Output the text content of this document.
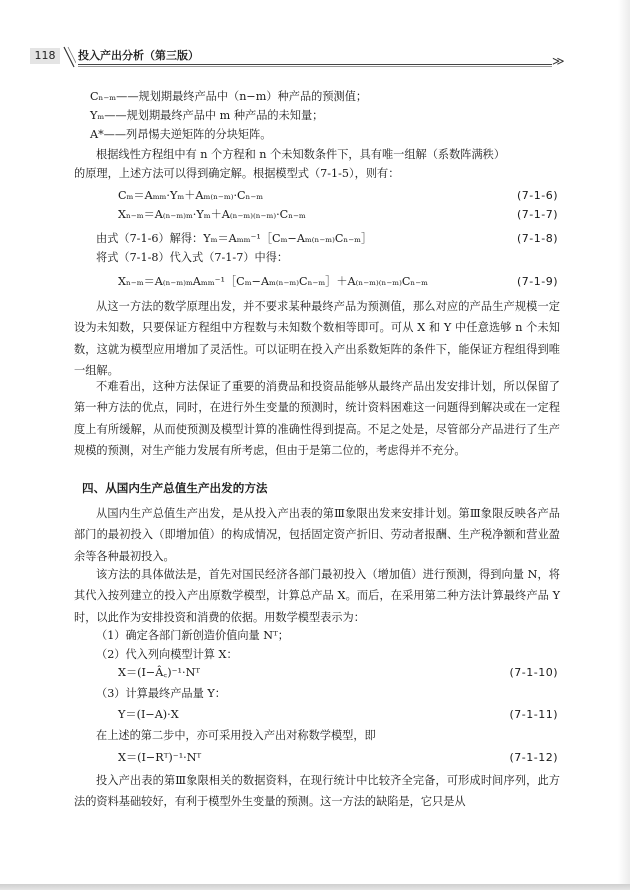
118	投入产出分析（第三版）	≫
Cₙ₋ₘ——规划期最终产品中（n−m）种产品的预测值；
Yₘ——规划期最终产品中 m 种产品的未知量；
A*——列昂惕夫逆矩阵的分块矩阵。
根据线性方程组中有 n 个方程和 n 个未知数条件下，具有唯一组解（系数阵满秩）
的原理，上述方法可以得到确定解。根据模型式（7-1-5），则有：
Cₘ＝Aₘₘ·Yₘ＋Aₘ₍ₙ₋ₘ₎·Cₙ₋ₘ	(7-1-6)
Xₙ₋ₘ＝A₍ₙ₋ₘ₎ₘ·Yₘ＋A₍ₙ₋ₘ₎₍ₙ₋ₘ₎·Cₙ₋ₘ	(7-1-7)
由式（7-1-6）解得：Yₘ＝Aₘₘ⁻¹［Cₘ−Aₘ₍ₙ₋ₘ₎Cₙ₋ₘ］	(7-1-8)
将式（7-1-8）代入式（7-1-7）中得：
Xₙ₋ₘ＝A₍ₙ₋ₘ₎ₘAₘₘ⁻¹［Cₘ−Aₘ₍ₙ₋ₘ₎Cₙ₋ₘ］＋A₍ₙ₋ₘ₎₍ₙ₋ₘ₎Cₙ₋ₘ	(7-1-9)

从这一方法的数学原理出发，并不要求某种最终产品为预测值，那么对应的产品生产规模一定设为未知数，只要保证方程组中方程数与未知数个数相等即可。可从 X 和 Y 中任意选够 n 个未知数，这就为模型应用增加了灵活性。可以证明在投入产出系数矩阵的条件下，能保证方程组得到唯一组解。

不难看出，这种方法保证了重要的消费品和投资品能够从最终产品出发安排计划，所以保留了第一种方法的优点，同时，在进行外生变量的预测时，统计资料困难这一问题得到解决或在一定程度上有所缓解，从而使预测及模型计算的准确性得到提高。不足之处是，尽管部分产品进行了生产规模的预测，对生产能力发展有所考虑，但由于是第二位的，考虑得并不充分。

四、从国内生产总值生产出发的方法

从国内生产总值生产出发，是从投入产出表的第Ⅲ象限出发来安排计划。第Ⅲ象限反映各产品部门的最初投入（即增加值）的构成情况，包括固定资产折旧、劳动者报酬、生产税净额和营业盈余等各种最初投入。

该方法的具体做法是，首先对国民经济各部门最初投入（增加值）进行预测，得到向量 N，将其代入按列建立的投入产出原数学模型，计算总产品 X。而后，在采用第二种方法计算最终产品 Y 时，以此作为安排投资和消费的依据。用数学模型表示为：

（1）确定各部门新创造价值向量 Nᵀ；
（2）代入列向模型计算 X：
X＝(I−Â꜀)⁻¹·Nᵀ	(7-1-10)
（3）计算最终产品量 Y：
Y＝(I−A)·X	(7-1-11)
在上述的第二步中，亦可采用投入产出对称数学模型，即
X＝(I−Rᵀ)⁻¹·Nᵀ	(7-1-12)

投入产出表的第Ⅲ象限相关的数据资料，在现行统计中比较齐全完备，可形成时间序列，此方法的资料基础较好，有利于模型外生变量的预测。这一方法的缺陷是，它只是从
